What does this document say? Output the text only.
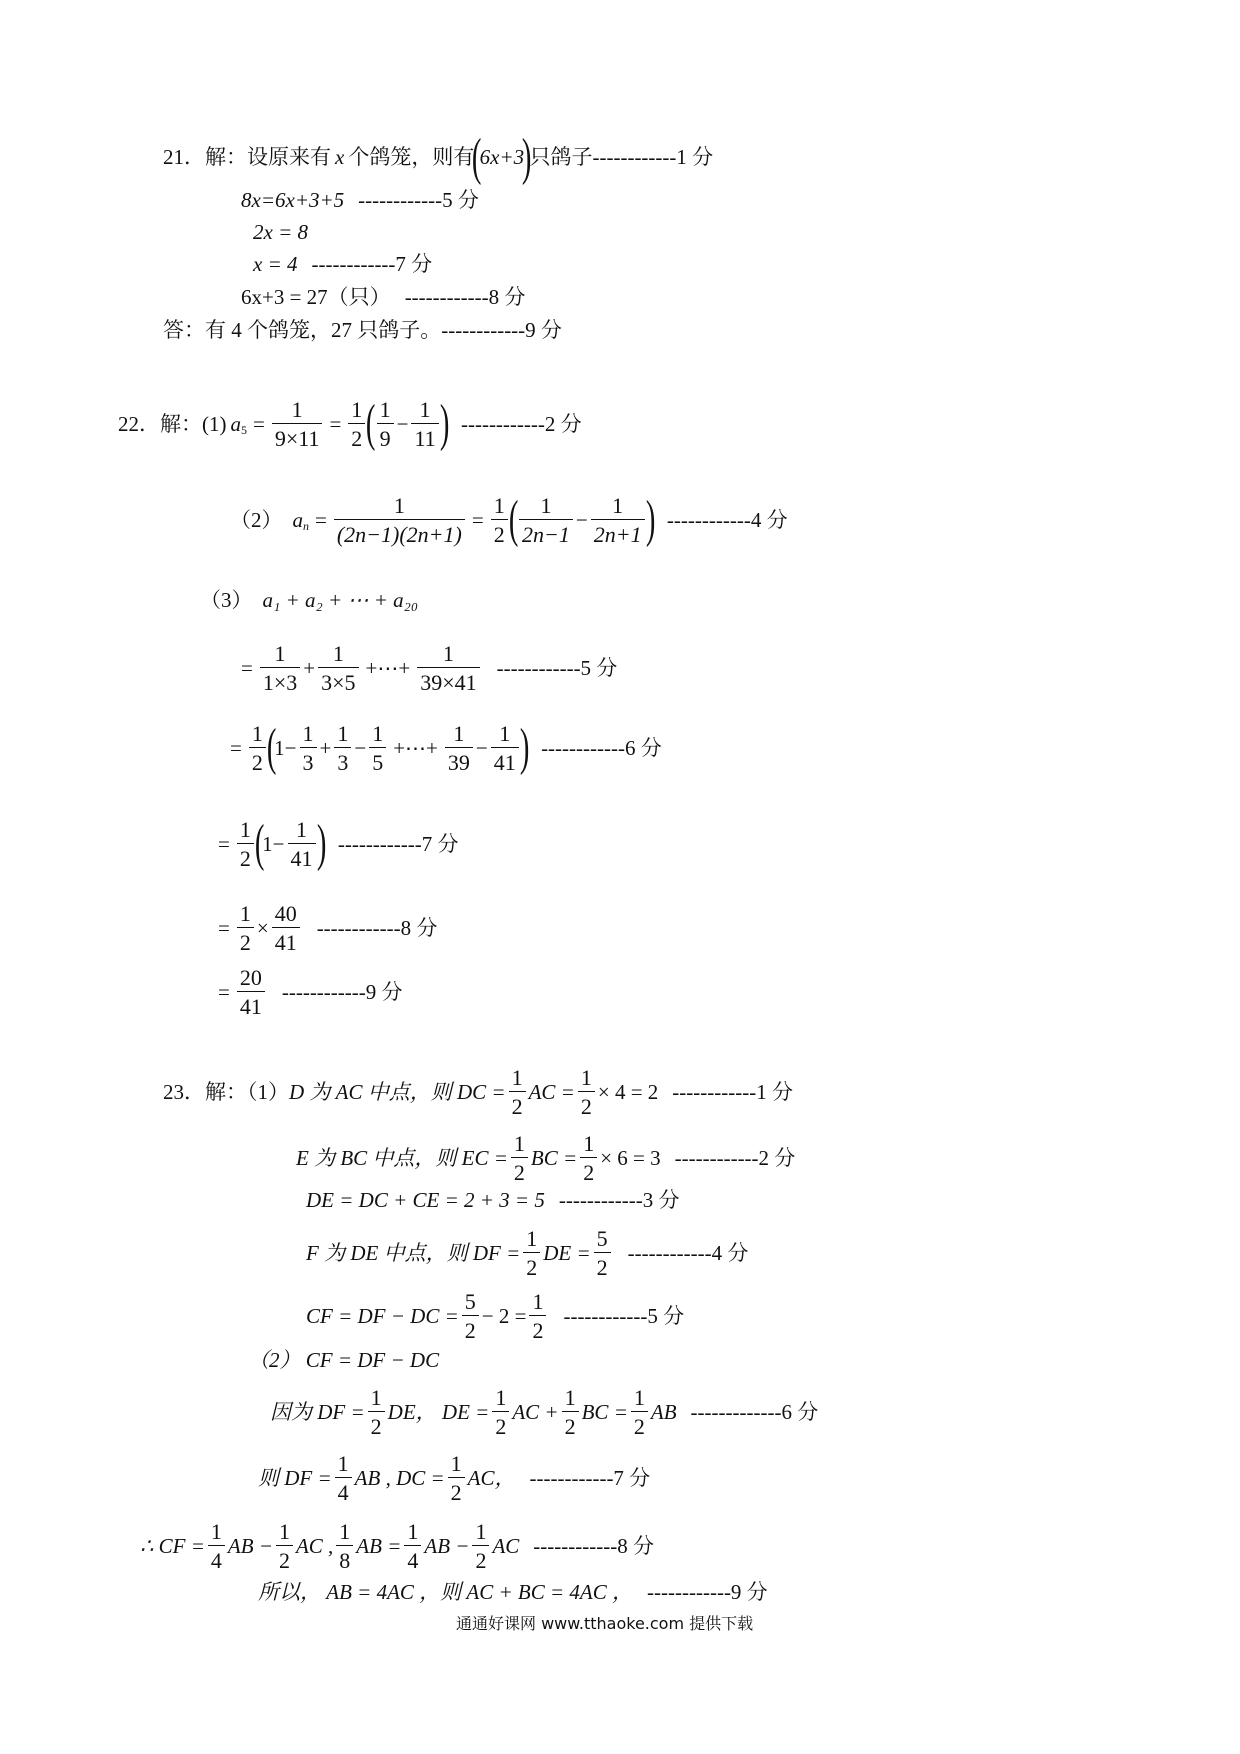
21．解：设原来有 x 个鸽笼，则有
(
6x+3
)
只鸽子 ------------1 分
8x=6x+3+5 ------------5 分
2x = 8
x = 4 ------------7 分
6x+3 = 27（只） ------------8 分
答：有 4 个鸽笼，27 只鸽子。 ------------9 分
22．解：(1) a $5 = \frac{1}{9\times 11} = \frac{1}{2}$ ( $\frac{1}{9} - \frac{1}{11}$ ) ------------2 分
（2） a $n = \frac{1}{(2n-1)(2n+1)} = \frac{1}{2}$ ( $\frac{1}{2n-1} - \frac{1}{2n+1}$ ) ------------4 分
（3） a₁ + a₂ + ⋯ + a₂₀
= $\frac{1}{1\times 3} + \frac{1}{3\times 5}$ +⋯+ $\frac{1}{39\times 41} ------------5$ 分
= $\frac{1}{2}$ (
$1 - \frac{1}{3} + \frac{1}{3} - \frac{1}{5}$ +⋯+ $\frac{1}{39} - \frac{1}{41}$ ) ------------6 分
= $\frac{1}{2}$ (
$1 - \frac{1}{41}$ ) ------------7 分
= $\frac{1}{2} \times \frac{40}{41} ------------8$ 分
= $\frac{20}{41} ------------9$ 分
23．解：（1） D 为 AC 中点，则 DC = $\frac{1}{2}$ AC = $\frac{1}{2} \times 4 = 2$ ------------1 分
E 为 BC 中点，则 EC = $\frac{1}{2}$ BC = $\frac{1}{2} \times 6 = 3$ ------------2 分
DE = DC + CE = 2 + 3 = 5 ------------3 分
F 为 DE 中点，则 DF = $\frac{1}{2}$ DE = $\frac{5}{2} ------------4$ 分
CF = DF − DC = $\frac{5}{2} - 2 = \frac{1}{2} ------------5$ 分
（2） CF = DF − DC
因为 DF = $\frac{1}{2}$ DE， DE = $\frac{1}{2}$ AC + $\frac{1}{2}$ BC = $\frac{1}{2}$ AB -------------6 分
则 DF = $\frac{1}{4}$ AB , DC = $\frac{1}{2}$ AC， ------------7 分
∴ CF = $\frac{1}{4}$ AB − $\frac{1}{2}$ AC , $\frac{1}{8}$ AB = $\frac{1}{4}$ AB − $\frac{1}{2}$ AC ------------8 分
所以， AB = 4AC ，则 AC + BC = 4AC ， ------------9 分
通通好课网 www.tthaoke.com 提供下载
